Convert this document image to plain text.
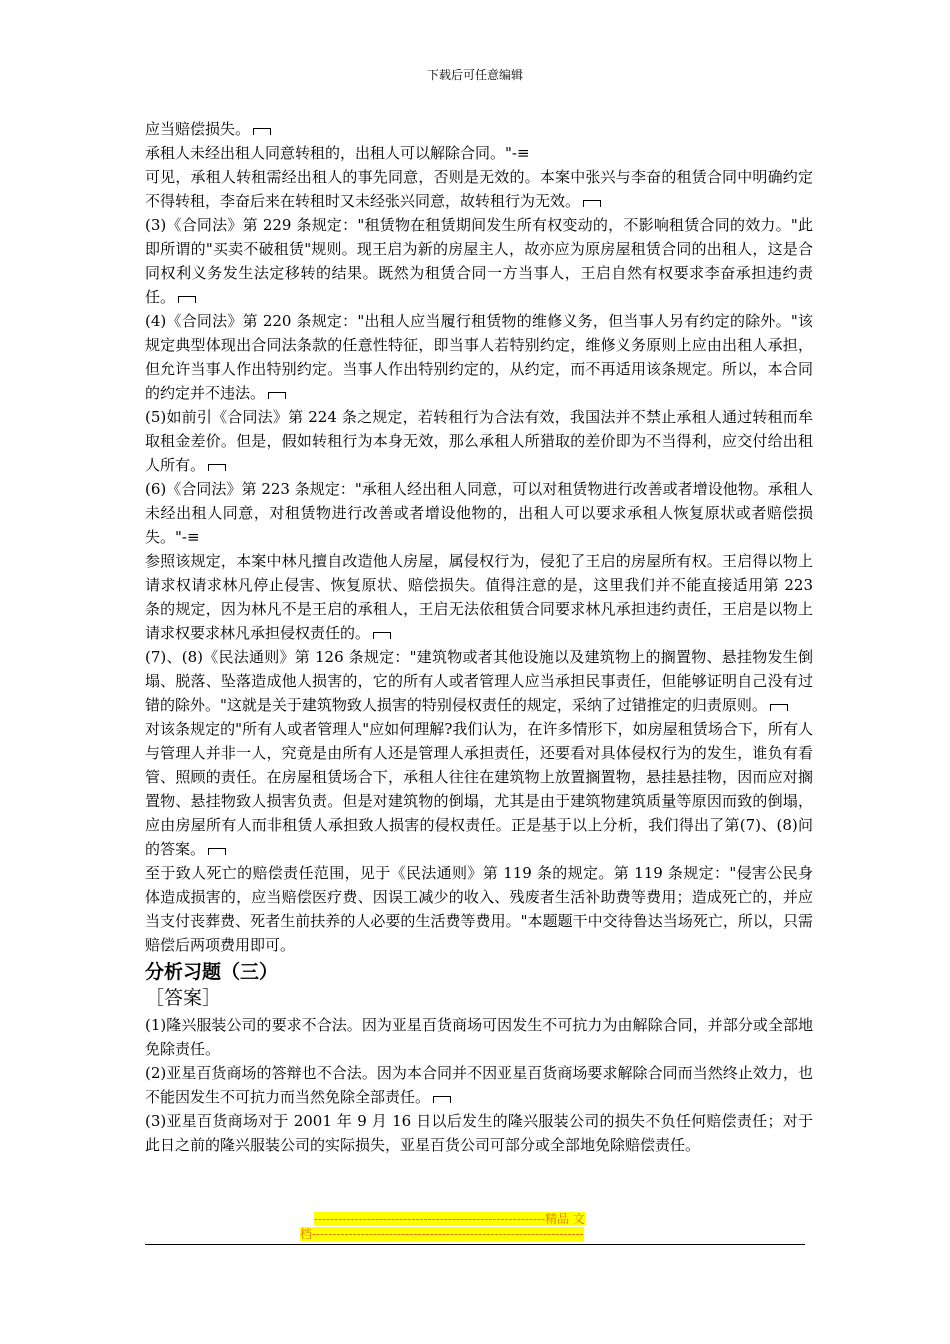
下载后可任意编辑

应当赔偿损失。

承租人未经出租人同意转租的，出租人可以解除合同。"-≡

可见，承租人转租需经出租人的事先同意，否则是无效的。本案中张兴与李奋的租赁合同中明确约定不得转租，李奋后来在转租时又未经张兴同意，故转租行为无效。

(3)《合同法》第 229 条规定："租赁物在租赁期间发生所有权变动的，不影响租赁合同的效力。"此即所谓的"买卖不破租赁"规则。现王启为新的房屋主人，故亦应为原房屋租赁合同的出租人，这是合同权利义务发生法定移转的结果。既然为租赁合同一方当事人，王启自然有权要求李奋承担违约责任。

(4)《合同法》第 220 条规定："出租人应当履行租赁物的维修义务，但当事人另有约定的除外。"该规定典型体现出合同法条款的任意性特征，即当事人若特别约定，维修义务原则上应由出租人承担，但允许当事人作出特别约定。当事人作出特别约定的，从约定，而不再适用该条规定。所以，本合同的约定并不违法。

(5)如前引《合同法》第 224 条之规定，若转租行为合法有效，我国法并不禁止承租人通过转租而牟取租金差价。但是，假如转租行为本身无效，那么承租人所猎取的差价即为不当得利，应交付给出租人所有。

(6)《合同法》第 223 条规定："承租人经出租人同意，可以对租赁物进行改善或者增设他物。承租人未经出租人同意，对租赁物进行改善或者增设他物的，出租人可以要求承租人恢复原状或者赔偿损失。"-≡

参照该规定，本案中林凡擅自改造他人房屋，属侵权行为，侵犯了王启的房屋所有权。王启得以物上请求权请求林凡停止侵害、恢复原状、赔偿损失。值得注意的是，这里我们并不能直接适用第 223 条的规定，因为林凡不是王启的承租人，王启无法依租赁合同要求林凡承担违约责任，王启是以物上请求权要求林凡承担侵权责任的。

(7)、(8)《民法通则》第 126 条规定："建筑物或者其他设施以及建筑物上的搁置物、悬挂物发生倒塌、脱落、坠落造成他人损害的，它的所有人或者管理人应当承担民事责任，但能够证明自己没有过错的除外。"这就是关于建筑物致人损害的特别侵权责任的规定，采纳了过错推定的归责原则。

对该条规定的"所有人或者管理人"应如何理解?我们认为，在许多情形下，如房屋租赁场合下，所有人与管理人并非一人，究竟是由所有人还是管理人承担责任，还要看对具体侵权行为的发生，谁负有看管、照顾的责任。在房屋租赁场合下，承租人往往在建筑物上放置搁置物，悬挂悬挂物，因而应对搁置物、悬挂物致人损害负责。但是对建筑物的倒塌，尤其是由于建筑物建筑质量等原因而致的倒塌，应由房屋所有人而非租赁人承担致人损害的侵权责任。正是基于以上分析，我们得出了第(7)、(8)问的答案。

至于致人死亡的赔偿责任范围，见于《民法通则》第 119 条的规定。第 119 条规定："侵害公民身体造成损害的，应当赔偿医疗费、因误工减少的收入、残废者生活补助费等费用；造成死亡的，并应当支付丧葬费、死者生前扶养的人必要的生活费等费用。"本题题干中交待鲁达当场死亡，所以，只需赔偿后两项费用即可。

分析习题（三）
［答案］

(1)隆兴服装公司的要求不合法。因为亚星百货商场可因发生不可抗力为由解除合同，并部分或全部地免除责任。

(2)亚星百货商场的答辩也不合法。因为本合同并不因亚星百货商场要求解除合同而当然终止效力，也不能因发生不可抗力而当然免除全部责任。

(3)亚星百货商场对于 2001 年 9 月 16 日以后发生的隆兴服装公司的损失不负任何赔偿责任；对于此日之前的隆兴服装公司的实际损失，亚星百货公司可部分或全部地免除赔偿责任。

---------------------------------------------------------精品 文
档-------------------------------------------------------------------
